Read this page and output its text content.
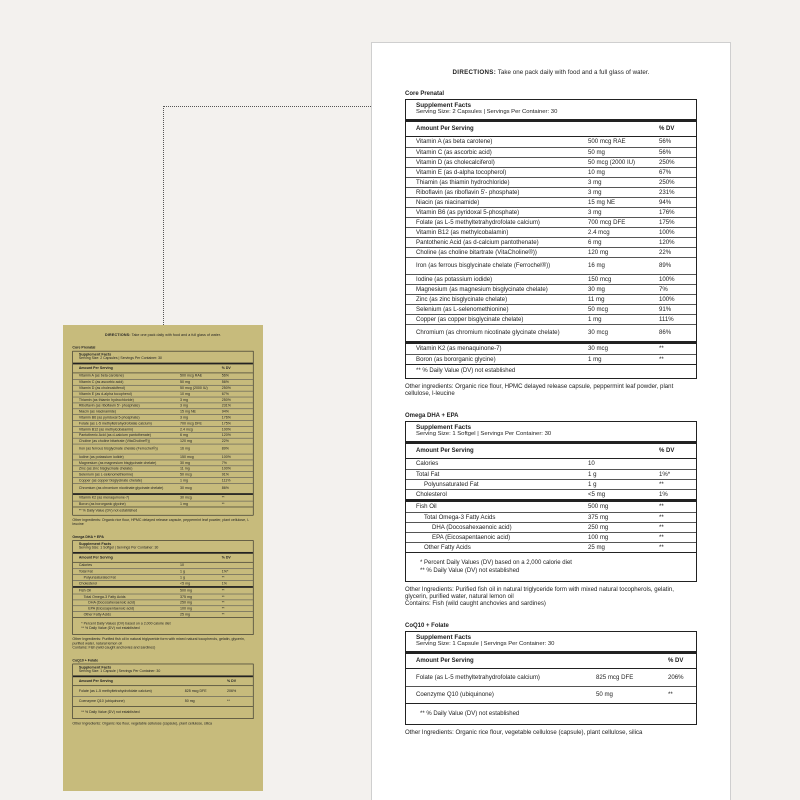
DIRECTIONS: Take one pack daily with food and a full glass of water.
Core Prenatal
Supplement Facts
Serving Size: 2 Capsules | Servings Per Container: 30
Amount Per Serving	% DV
Vitamin A (as beta carotene)	500 mcg RAE	56%
Vitamin C (as ascorbic acid)	50 mg	56%
Vitamin D (as cholecalciferol)	50 mcg (2000 IU)	250%
Vitamin E (as d-alpha tocopherol)	10 mg	67%
Thiamin (as thiamin hydrochloride)	3 mg	250%
Riboflavin (as riboflavin 5'- phosphate)	3 mg	231%
Niacin (as niacinamide)	15 mg NE	94%
Vitamin B6 (as pyridoxal 5-phosphate)	3 mg	176%
Folate (as L-5 methyltetrahydrofolate calcium)	700 mcg DFE	175%
Vitamin B12 (as methylcobalamin)	2.4 mcg	100%
Pantothenic Acid (as d-calcium pantothenate)	6 mg	120%
Choline (as choline bitartrate (VitaCholine®))	120 mg	22%
Iron (as ferrous bisglycinate chelate (Ferrochel®))	16 mg	89%
Iodine (as potassium iodide)	150 mcg	100%
Magnesium (as magnesium bisglycinate chelate)	30 mg	7%
Zinc (as zinc bisglycinate chelate)	11 mg	100%
Selenium (as L-selenomethionine)	50 mcg	91%
Copper (as copper bisglycinate chelate)	1 mg	111%
Chromium (as chromium nicotinate glycinate chelate)	30 mcg	86%
Vitamin K2 (as menaquinone-7)	30 mcg	**
Boron (as bororganic glycine)	1 mg	**
** % Daily Value (DV) not established
Other ingredients: Organic rice flour, HPMC delayed release capsule, peppermint leaf powder, plant cellulose, l-leucine
Omega DHA + EPA
Supplement Facts
Serving Size: 1 Softgel | Servings Per Container: 30
Amount Per Serving	% DV
Calories	10
Total Fat	1 g	1%*
Polyunsaturated Fat	1 g	**
Cholesterol	<5 mg	1%
Fish Oil	500 mg	**
Total Omega-3 Fatty Acids	375 mg	**
DHA (Docosahexaenoic acid)	250 mg	**
EPA (Eicosapentaenoic acid)	100 mg	**
Other Fatty Acids	25 mg	**
* Percent Daily Values (DV) based on a 2,000 calorie diet
** % Daily Value (DV) not established
Other Ingredients: Purified fish oil in natural triglyceride form with mixed natural tocopherols, gelatin, glycerin, purified water, natural lemon oil
Contains: Fish (wild caught anchovies and sardines)
CoQ10 + Folate
Supplement Facts
Serving Size: 1 Capsule | Servings Per Container: 30
Amount Per Serving	% DV
Folate (as L-5 methyltetrahydrofolate calcium)	825 mcg DFE	206%
Coenzyme Q10 (ubiquinone)	50 mg	**
** % Daily Value (DV) not established
Other Ingredients: Organic rice flour, vegetable cellulose (capsule), plant cellulose, silica
DIRECTIONS: Take one pack daily with food and a full glass of water.
Core Prenatal
Supplement Facts
Serving Size: 2 Capsules | Servings Per Container: 30
Amount Per Serving	% DV
Vitamin A (as beta carotene)	500 mcg RAE	56%
Vitamin C (as ascorbic acid)	50 mg	56%
Vitamin D (as cholecalciferol)	50 mcg (2000 IU)	250%
Vitamin E (as d-alpha tocopherol)	10 mg	67%
Thiamin (as thiamin hydrochloride)	3 mg	250%
Riboflavin (as riboflavin 5'- phosphate)	3 mg	231%
Niacin (as niacinamide)	15 mg NE	94%
Vitamin B6 (as pyridoxal 5-phosphate)	3 mg	176%
Folate (as L-5 methyltetrahydrofolate calcium)	700 mcg DFE	175%
Vitamin B12 (as methylcobalamin)	2.4 mcg	100%
Pantothenic Acid (as d-calcium pantothenate)	6 mg	120%
Choline (as choline bitartrate (VitaCholine®))	120 mg	22%
Iron (as ferrous bisglycinate chelate (Ferrochel®))	16 mg	89%
Iodine (as potassium iodide)	150 mcg	100%
Magnesium (as magnesium bisglycinate chelate)	30 mg	7%
Zinc (as zinc bisglycinate chelate)	11 mg	100%
Selenium (as L-selenomethionine)	50 mcg	91%
Copper (as copper bisglycinate chelate)	1 mg	111%
Chromium (as chromium nicotinate glycinate chelate)	30 mcg	86%
Vitamin K2 (as menaquinone-7)	30 mcg	**
Boron (as bororganic glycine)	1 mg	**
** % Daily Value (DV) not established
Other ingredients: Organic rice flour, HPMC delayed release capsule, peppermint leaf powder, plant cellulose, l-leucine
Omega DHA + EPA
Supplement Facts
Serving Size: 1 Softgel | Servings Per Container: 30
Amount Per Serving	% DV
Calories	10
Total Fat	1 g	1%*
Polyunsaturated Fat	1 g	**
Cholesterol	<5 mg	1%
Fish Oil	500 mg	**
Total Omega-3 Fatty Acids	375 mg	**
DHA (Docosahexaenoic acid)	250 mg	**
EPA (Eicosapentaenoic acid)	100 mg	**
Other Fatty Acids	25 mg	**
* Percent Daily Values (DV) based on a 2,000 calorie diet
** % Daily Value (DV) not established
Other Ingredients: Purified fish oil in natural triglyceride form with mixed natural tocopherols, gelatin, glycerin, purified water, natural lemon oil
Contains: Fish (wild caught anchovies and sardines)
CoQ10 + Folate
Supplement Facts
Serving Size: 1 Capsule | Servings Per Container: 30
Amount Per Serving	% DV
Folate (as L-5 methyltetrahydrofolate calcium)	825 mcg DFE	206%
Coenzyme Q10 (ubiquinone)	50 mg	**
** % Daily Value (DV) not established
Other Ingredients: Organic rice flour, vegetable cellulose (capsule), plant cellulose, silica
